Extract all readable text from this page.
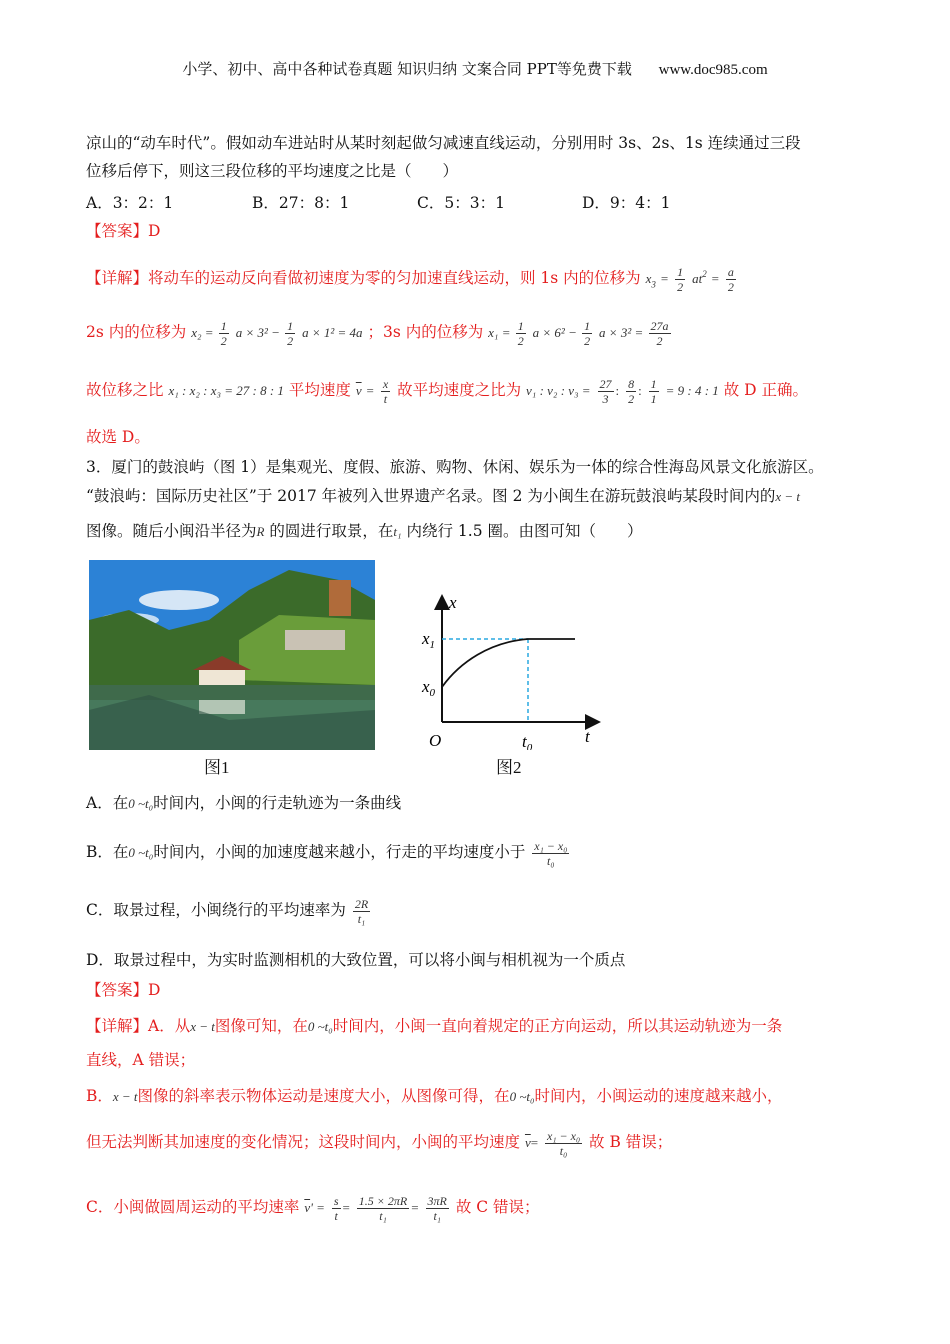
小学、初中、高中各种试卷真题 知识归纳 文案合同 PPT等免费下载 www.doc985.com
凉山的“动车时代”。假如动车进站时从某时刻起做匀减速直线运动，分别用时 3s、2s、1s 连续通过三段
位移后停下，则这三段位移的平均速度之比是（　　）
A．3：2：1	B．27：8：1	C．5：3：1	D．9：4：1
【答案】D
【详解】将动车的运动反向看做初速度为零的匀加速直线运动，则 1s 内的位移为 $x_3 = \frac{1}{2} at^2 = \frac{a}{2}$
2s 内的位移为 $x_2 = \frac{1}{2}$ $a \times 3^2 - \frac{1}{2}$ a × 1² = 4a ；3s 内的位移为 $x_1 = \frac{1}{2}$ $a \times 6^2 - \frac{1}{2}$ $a \times 3^2 = \frac{27a}{2}$
故位移之比 x₁ : x₂ : x₃ = 27 : 8 : 1 平均速度 $\overline{v} = \frac{x}{t}$ 故平均速度之比为 v₁ : v₂ : $v_3 = \frac{27}{3}$ : $\frac{8}{2}$ : $\frac{1}{1} = 9$ : 4 : 1 故 D 正确。
故选 D。
3．厦门的鼓浪屿（图 1）是集观光、度假、旅游、购物、休闲、娱乐为一体的综合性海岛风景文化旅游区。
“鼓浪屿：国际历史社区”于 2017 年被列入世界遗产名录。图 2 为小闽生在游玩鼓浪屿某段时间内的x − t
图像。随后小闽沿半径为R 的圆进行取景，在t₁ 内绕行 1.5 圈。由图可知（　　）
图1
x
t
O
$x_1$
$x_0$
$t_0$
图2
A．在0 ~t₀时间内，小闽的行走轨迹为一条曲线
B．在0 ~t₀时间内，小闽的加速度越来越小，行走的平均速度小于 $\frac{\text{x₁ − x₀}}{\text{t₀}}$
C．取景过程，小闽绕行的平均速率为 $\frac{2R}{\text{t₁}}$
D．取景过程中，为实时监测相机的大致位置，可以将小闽与相机视为一个质点
【答案】D
【详解】A．从x − t图像可知，在0 ~t₀时间内，小闽一直向着规定的正方向运动，所以其运动轨迹为一条
直线，A 错误；
B．x − t图像的斜率表示物体运动是速度大小，从图像可得，在0 ~t₀时间内，小闽运动的速度越来越小，
但无法判断其加速度的变化情况；这段时间内，小闽的平均速度 $\overline{v}= \frac{\text{x₁ − x₀}}{\text{t₀}}$ 故 B 错误；
C．小闽做圆周运动的平均速率 $\overline{v}' = \frac{s}{t} = \frac{1.5 \times 2\pi R}{\text{t₁}} = \frac{3\pi R}{\text{t₁}}$ 故 C 错误；
